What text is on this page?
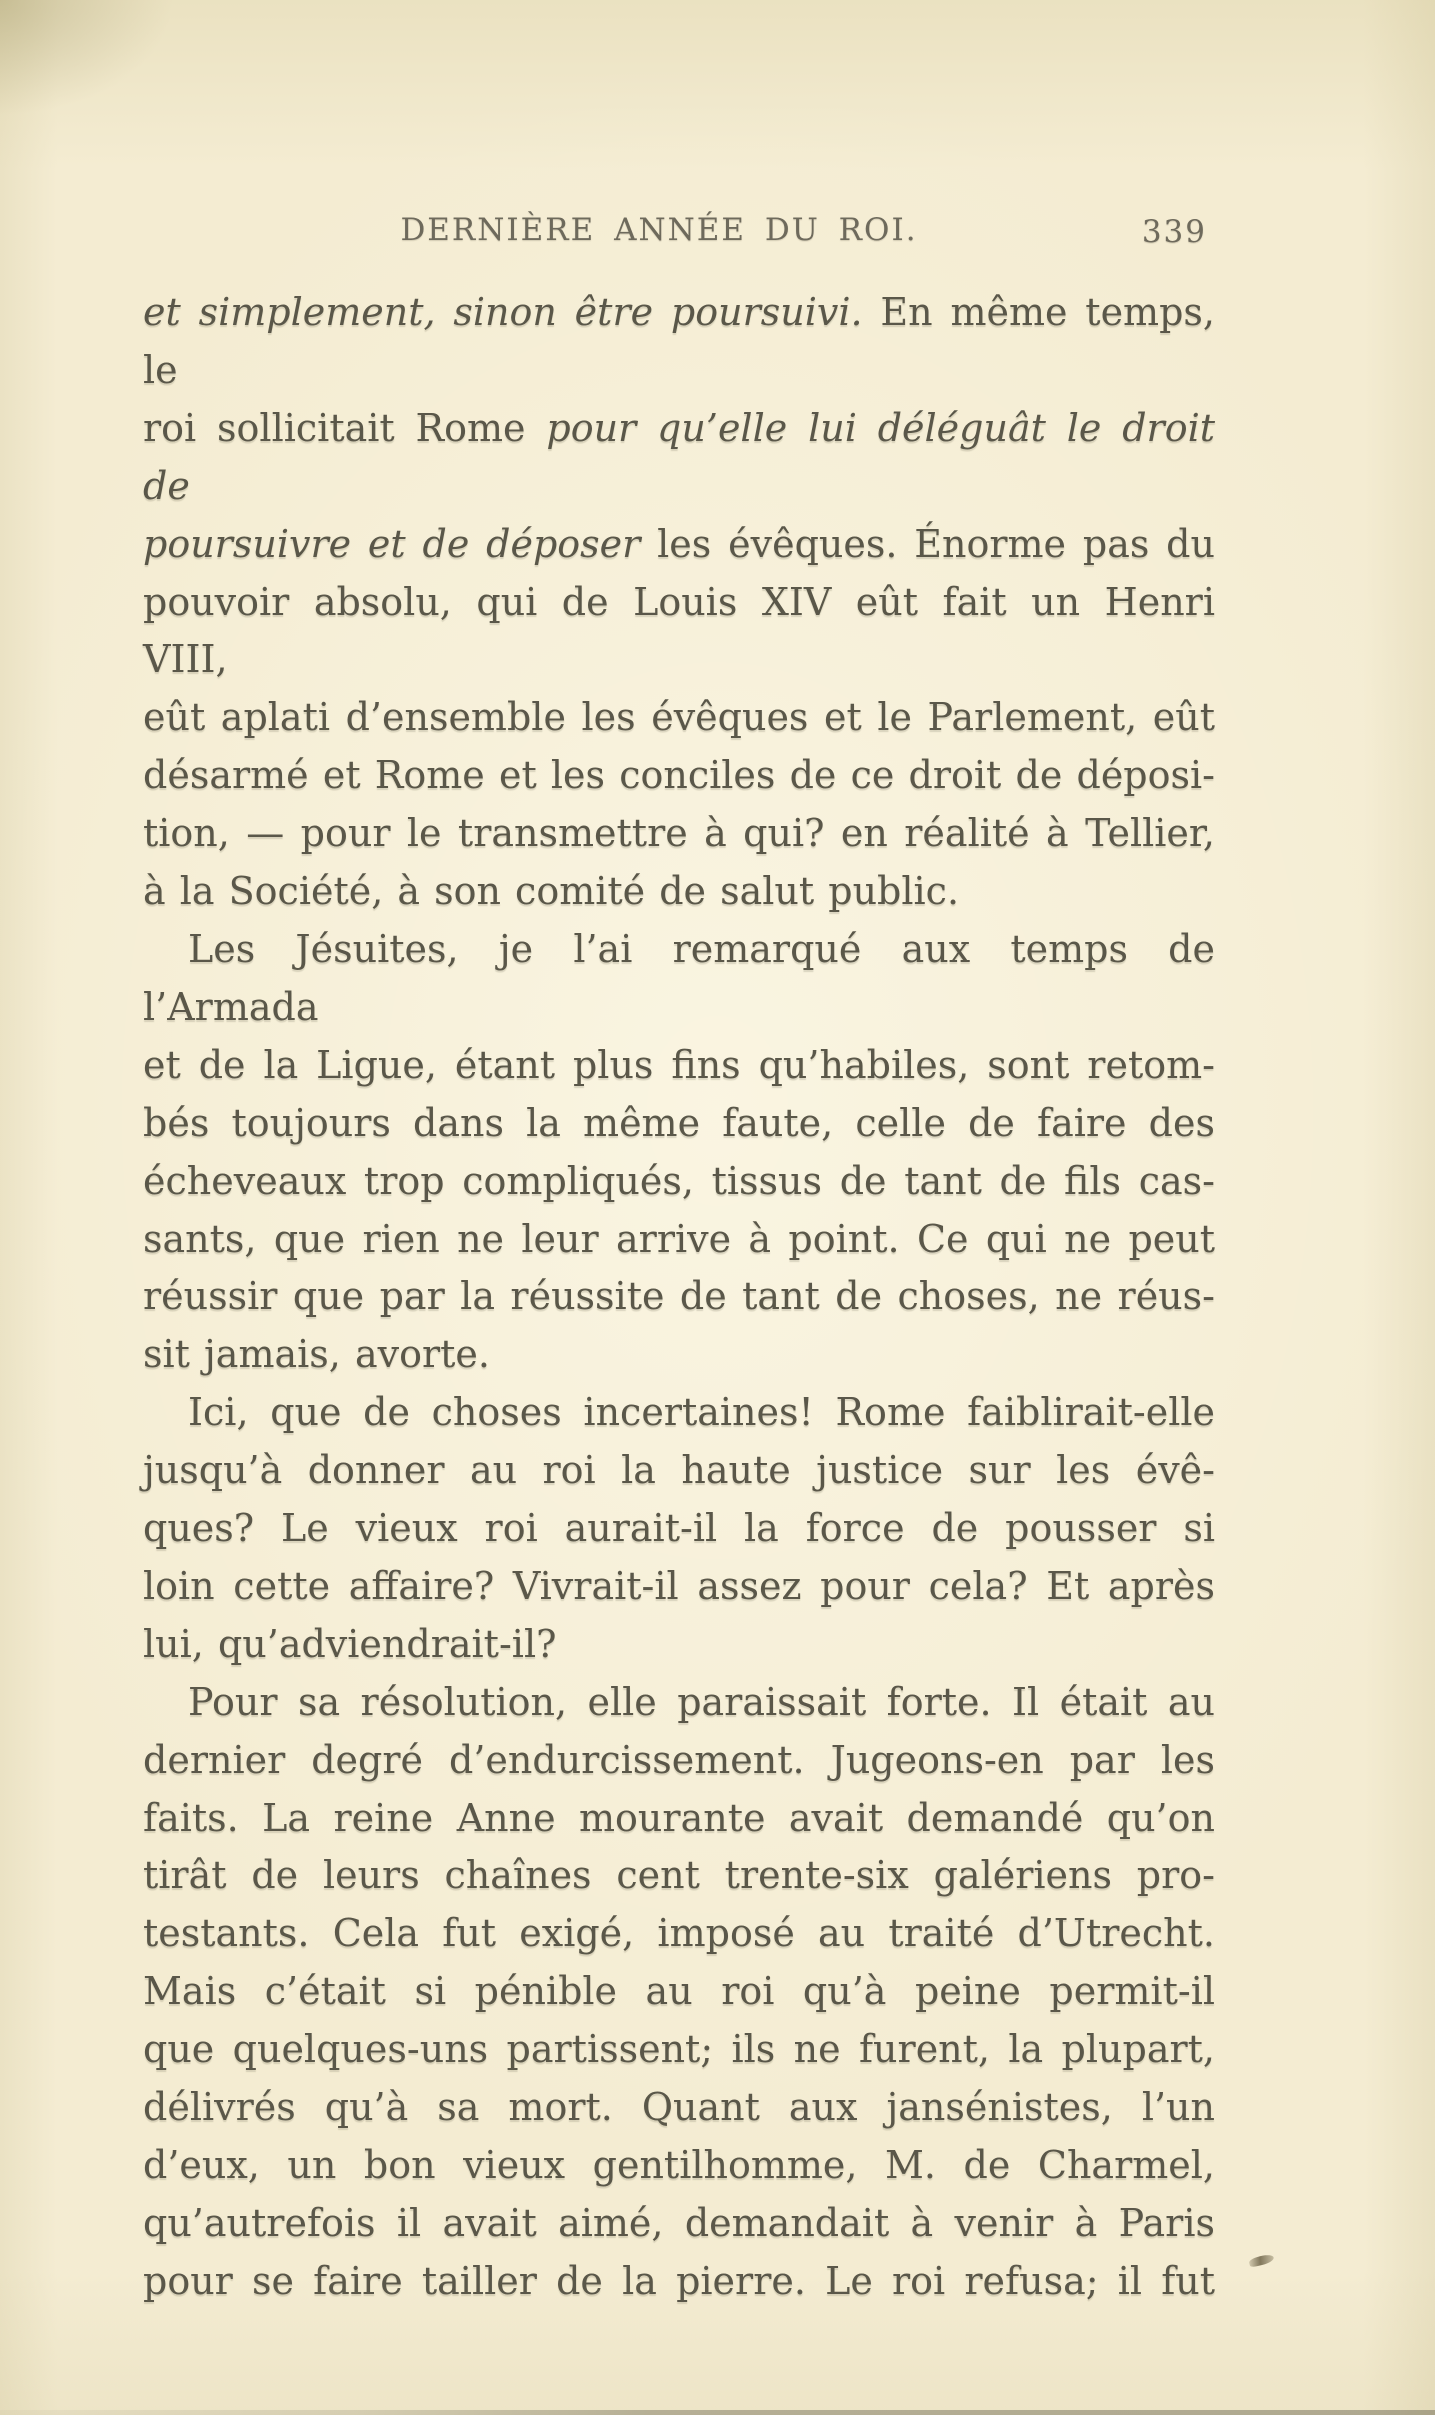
DERNIÈRE ANNÉE DU ROI.	339
et simplement, sinon être poursuivi. En même temps, le
roi sollicitait Rome pour qu’elle lui déléguât le droit de
poursuivre et de déposer les évêques. Énorme pas du
pouvoir absolu, qui de Louis XIV eût fait un Henri VIII,
eût aplati d’ensemble les évêques et le Parlement, eût
désarmé et Rome et les conciles de ce droit de déposi-
tion, — pour le transmettre à qui? en réalité à Tellier,
à la Société, à son comité de salut public.
Les Jésuites, je l’ai remarqué aux temps de l’Armada
et de la Ligue, étant plus fins qu’habiles, sont retom-
bés toujours dans la même faute, celle de faire des
écheveaux trop compliqués, tissus de tant de fils cas-
sants, que rien ne leur arrive à point. Ce qui ne peut
réussir que par la réussite de tant de choses, ne réus-
sit jamais, avorte.
Ici, que de choses incertaines! Rome faiblirait-elle
jusqu’à donner au roi la haute justice sur les évê-
ques? Le vieux roi aurait-il la force de pousser si
loin cette affaire? Vivrait-il assez pour cela? Et après
lui, qu’adviendrait-il?
Pour sa résolution, elle paraissait forte. Il était au
dernier degré d’endurcissement. Jugeons-en par les
faits. La reine Anne mourante avait demandé qu’on
tirât de leurs chaînes cent trente-six galériens pro-
testants. Cela fut exigé, imposé au traité d’Utrecht.
Mais c’était si pénible au roi qu’à peine permit-il
que quelques-uns partissent; ils ne furent, la plupart,
délivrés qu’à sa mort. Quant aux jansénistes, l’un
d’eux, un bon vieux gentilhomme, M. de Charmel,
qu’autrefois il avait aimé, demandait à venir à Paris
pour se faire tailler de la pierre. Le roi refusa; il fut
